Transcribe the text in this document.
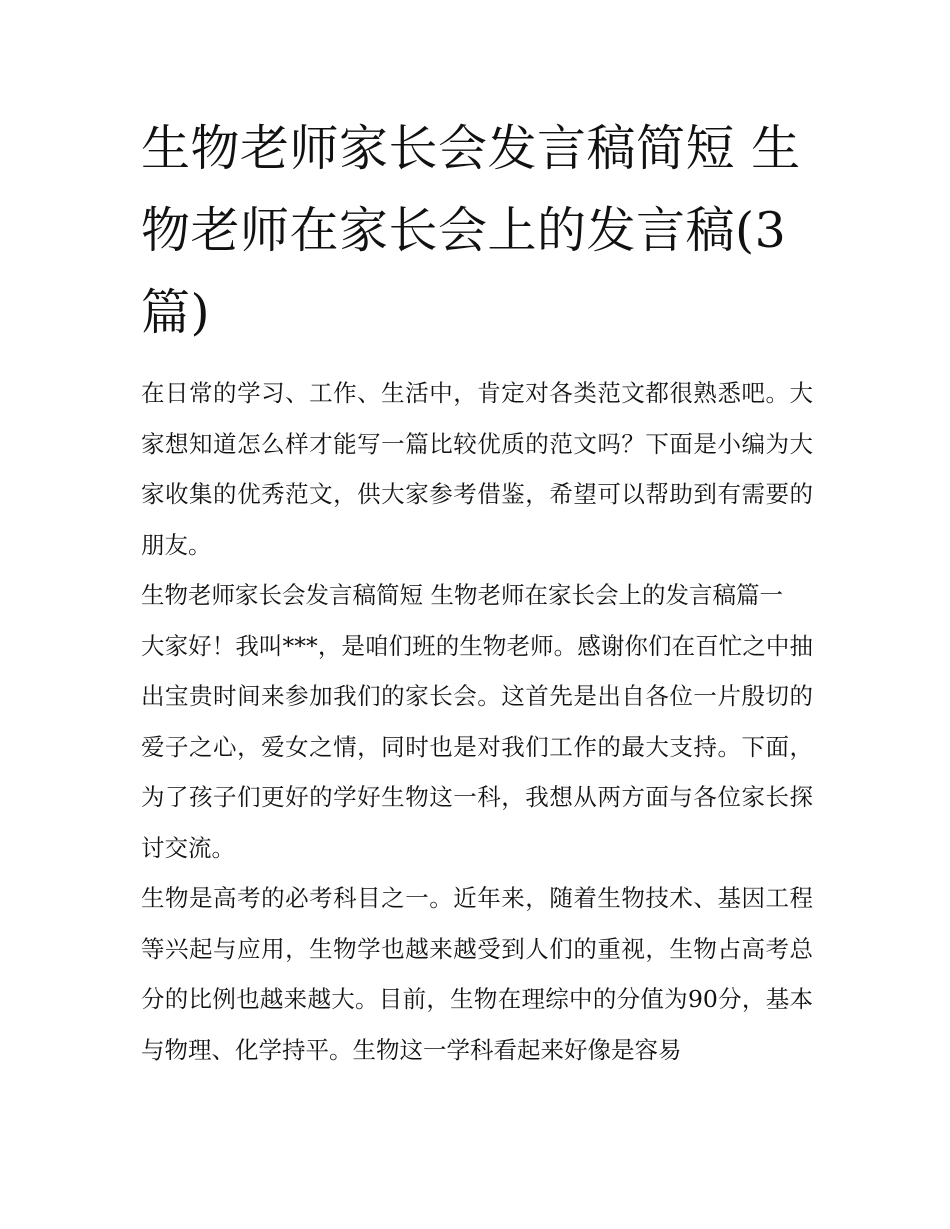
生物老师家长会发言稿简短 生物老师在家长会上的发言稿(3篇)

在日常的学习、工作、生活中，肯定对各类范文都很熟悉吧。大家想知道怎么样才能写一篇比较优质的范文吗？下面是小编为大家收集的优秀范文，供大家参考借鉴，希望可以帮助到有需要的朋友。

生物老师家长会发言稿简短 生物老师在家长会上的发言稿篇一

大家好！我叫***，是咱们班的生物老师。感谢你们在百忙之中抽出宝贵时间来参加我们的家长会。这首先是出自各位一片殷切的爱子之心，爱女之情，同时也是对我们工作的最大支持。下面，为了孩子们更好的学好生物这一科，我想从两方面与各位家长探讨交流。

生物是高考的必考科目之一。近年来，随着生物技术、基因工程等兴起与应用，生物学也越来越受到人们的重视，生物占高考总分的比例也越来越大。目前，生物在理综中的分值为90分，基本与物理、化学持平。生物这一学科看起来好像是容易
